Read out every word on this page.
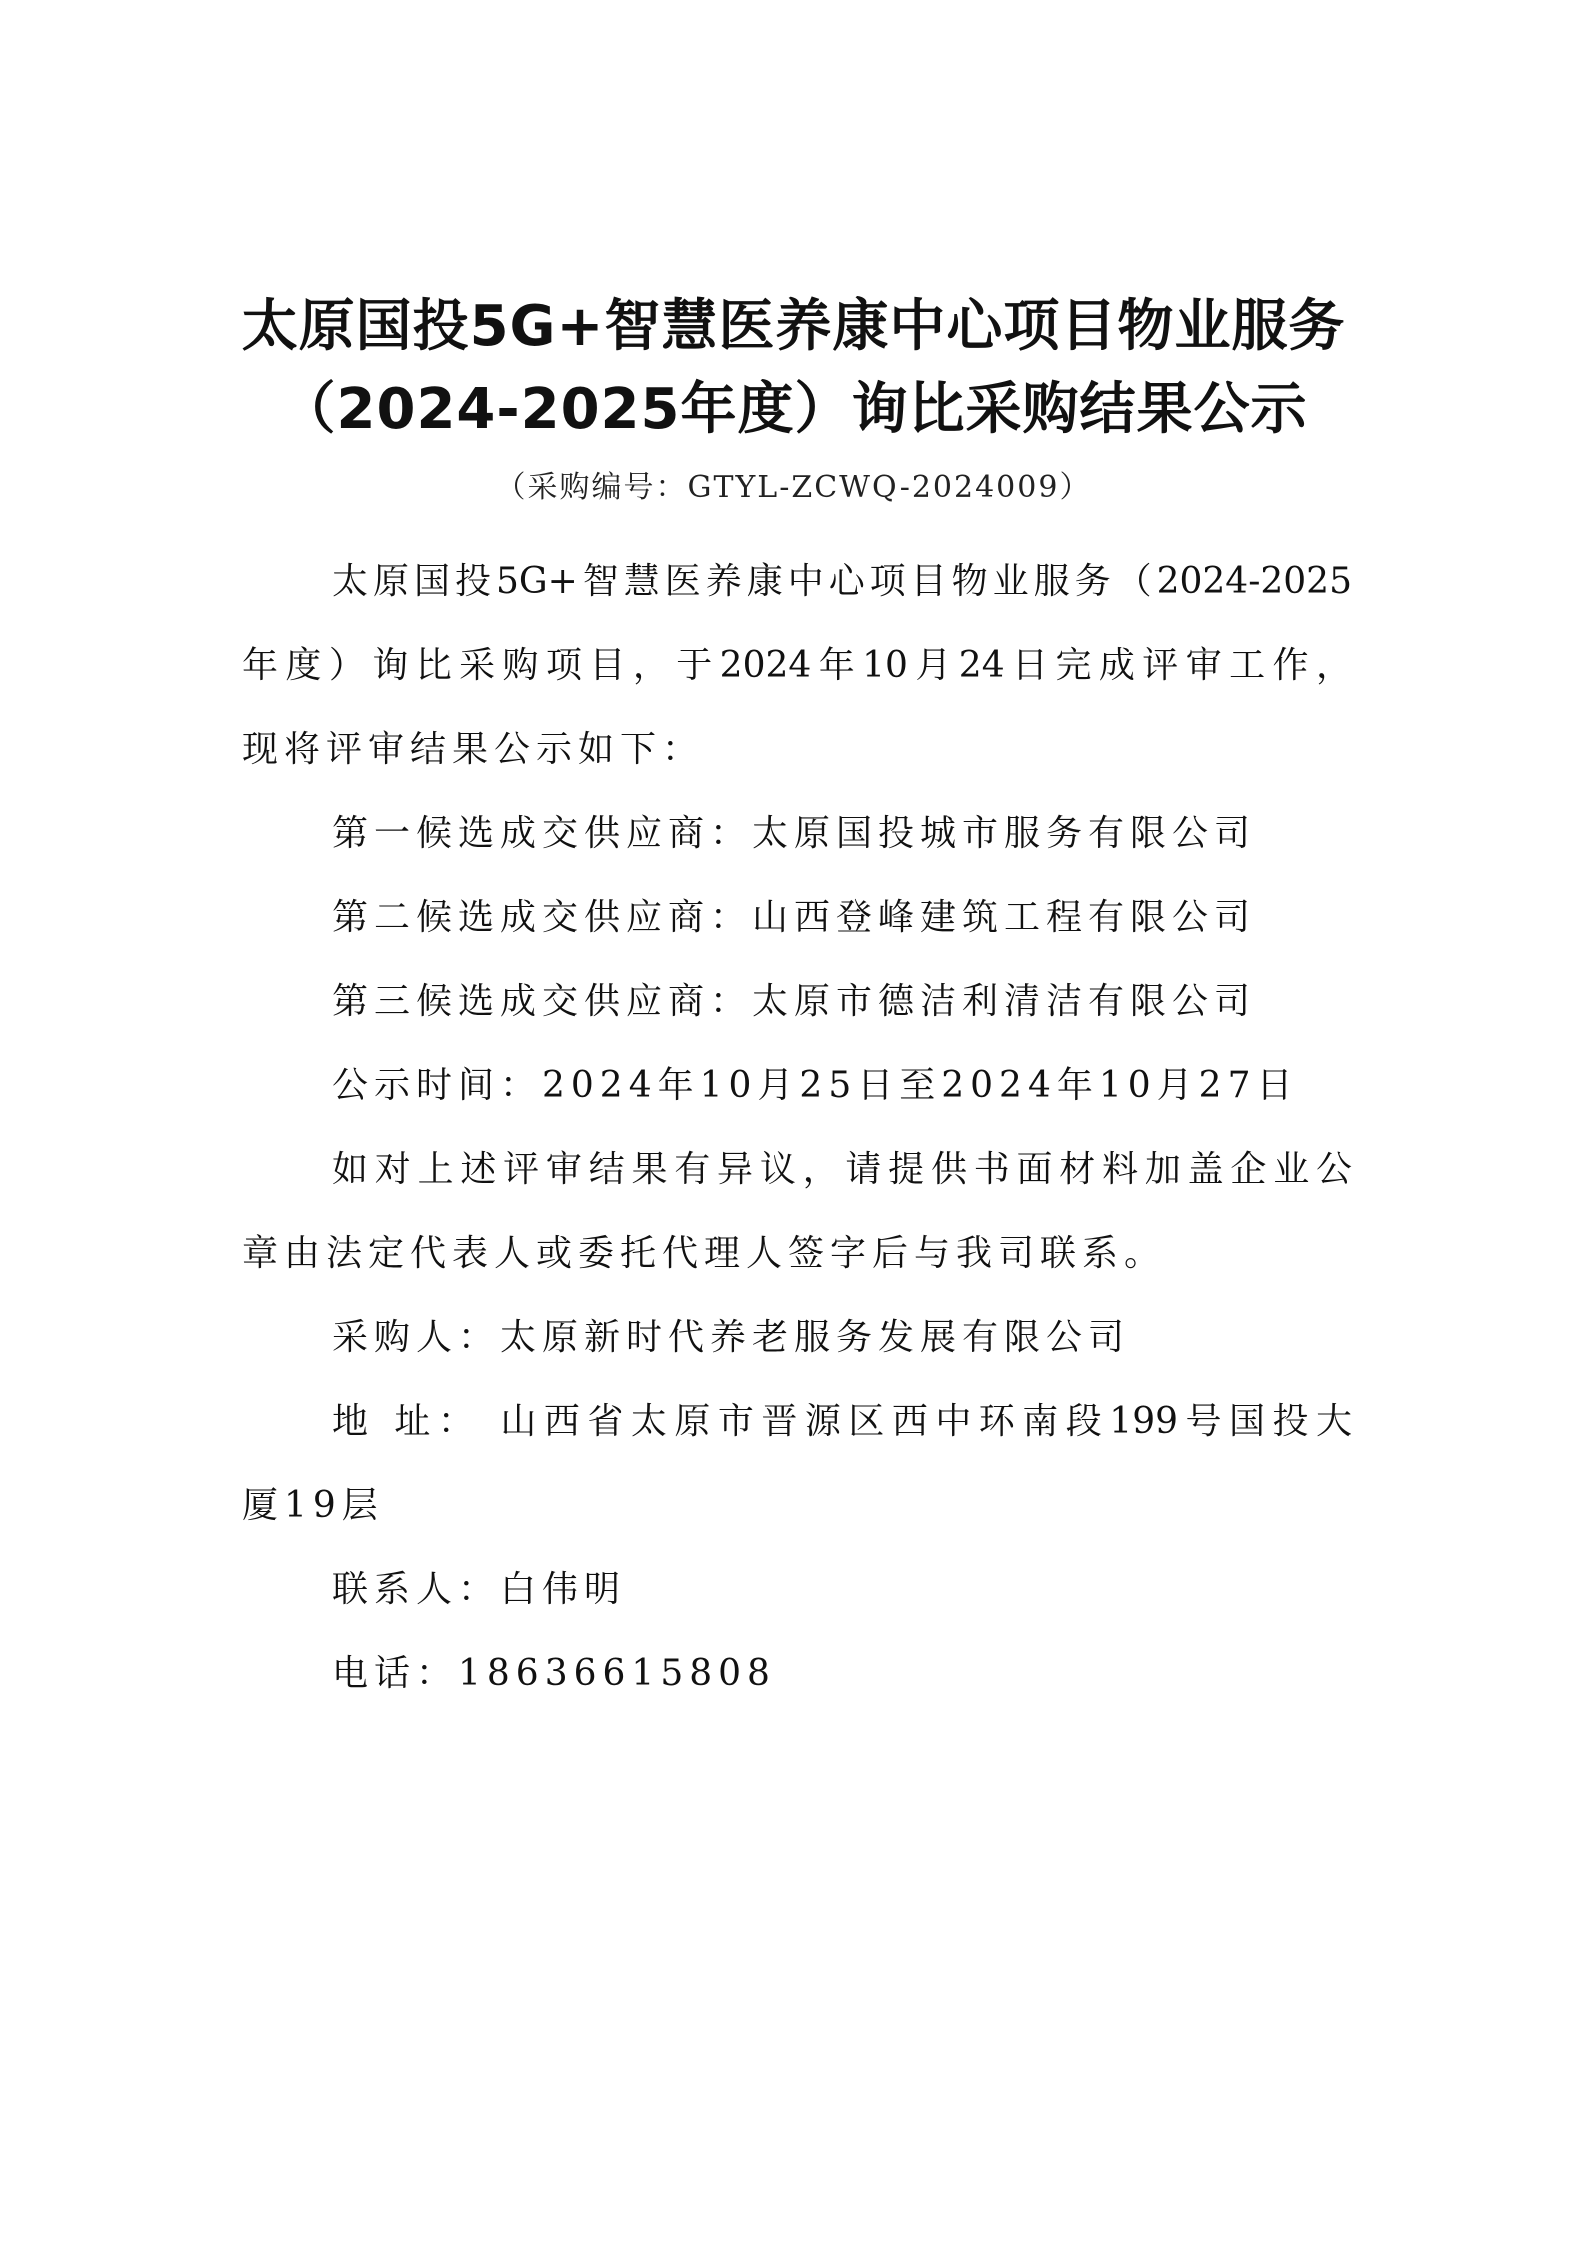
太原国投5G+智慧医养康中心项目物业服务
（2024-2025年度）询比采购结果公示
（采购编号：GTYL-ZCWQ-2024009）
太原国投5G+智慧医养康中心项目物业服务（2024-2025
年度）询比采购项目，于2024年10月24日完成评审工作，
现将评审结果公示如下：
第一候选成交供应商：太原国投城市服务有限公司
第二候选成交供应商：山西登峰建筑工程有限公司
第三候选成交供应商：太原市德洁利清洁有限公司
公示时间：2024年10月25日至2024年10月27日
如对上述评审结果有异议，请提供书面材料加盖企业公
章由法定代表人或委托代理人签字后与我司联系。
采购人：太原新时代养老服务发展有限公司
地 址： 山西省太原市晋源区西中环南段199号国投大
厦19层
联系人：白伟明
电话：18636615808
